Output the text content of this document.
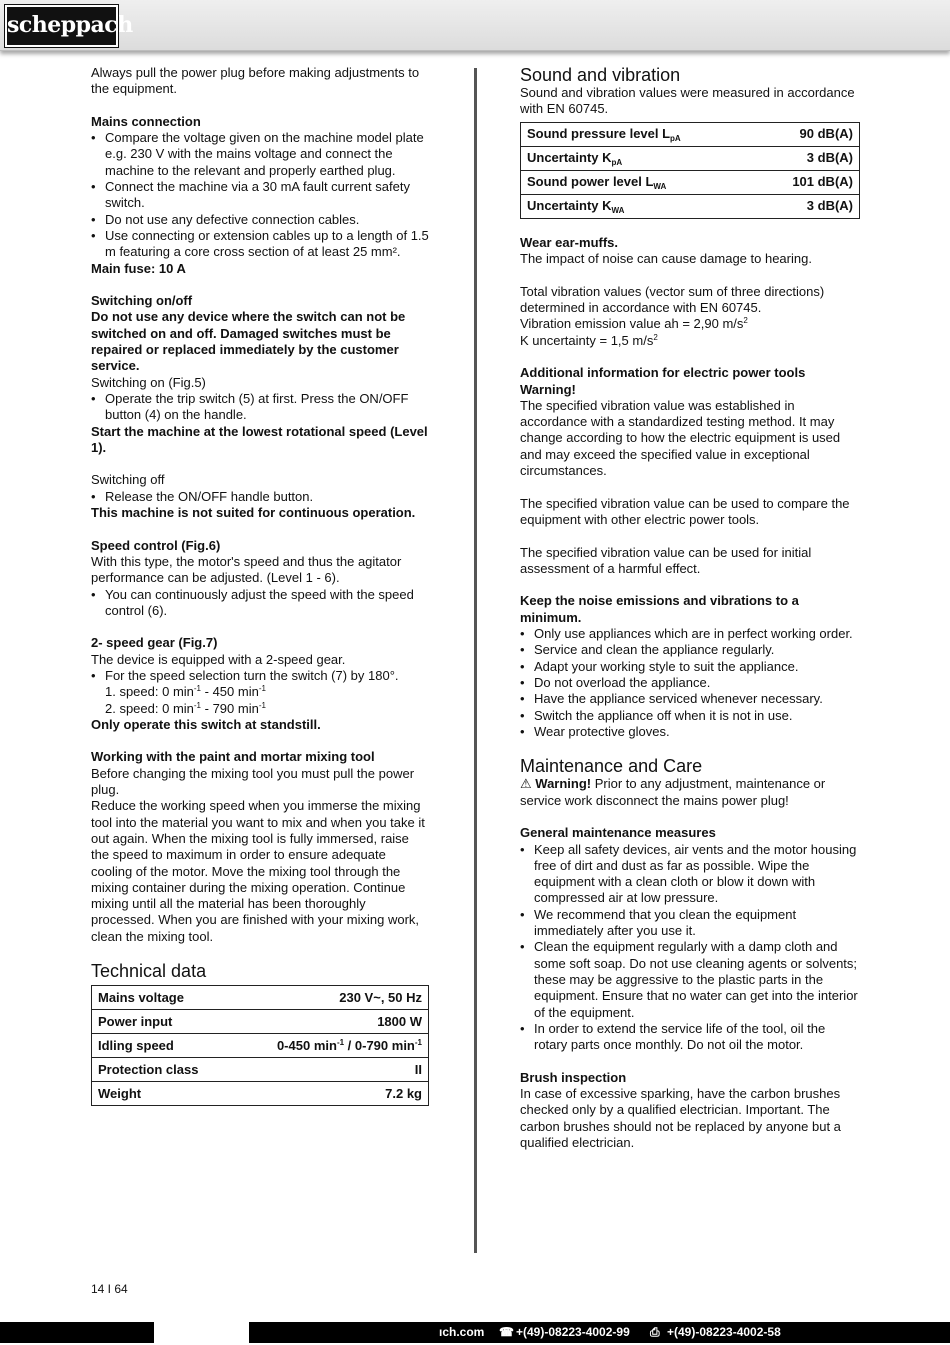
scheppach

Always pull the power plug before making adjustments to the equipment.

Mains connection

• Compare the voltage given on the machine model plate e.g. 230 V with the mains voltage and connect the machine to the relevant and properly earthed plug.
• Connect the machine via a 30 mA fault current safety switch.
• Do not use any defective connection cables.
• Use connecting or extension cables up to a length of 1.5 m featuring a core cross section of at least 25 mm².

Main fuse: 10 A

Switching on/off

Do not use any device where the switch can not be switched on and off. Damaged switches must be repaired or replaced immediately by the customer service.

Switching on (Fig.5)

• Operate the trip switch (5) at first. Press the ON/OFF button (4) on the handle.

Start the machine at the lowest rotational speed (Level 1).

Switching off

• Release the ON/OFF handle button.

This machine is not suited for continuous operation.

Speed control (Fig.6)

With this type, the motor's speed and thus the agitator performance can be adjusted. (Level 1 - 6).

• You can continuously adjust the speed with the speed control (6).

2- speed gear (Fig.7)

The device is equipped with a 2-speed gear.

• For the speed selection turn the switch (7) by 180°.

1. speed: 0 $\min^{-1} - 450$ $\min^{-1}$

2. speed: 0 $\min^{-1} - 790$ $\min^{-1}$

Only operate this switch at standstill.

Working with the paint and mortar mixing tool

Before changing the mixing tool you must pull the power plug.

Reduce the working speed when you immerse the mixing tool into the material you want to mix and when you take it out again. When the mixing tool is fully immersed, raise the speed to maximum in order to ensure adequate cooling of the motor. Move the mixing tool through the mixing container during the mixing operation. Continue mixing until all the material has been thoroughly processed. When you are finished with your mixing work, clean the mixing tool.

Technical data
Mains voltage	230 V~, 50 Hz
Power input	1800 W
Idling speed	0-450 $\min^{-1} / 0-790$ $\min^{-1}$
Protection class	II
Weight	7.2 kg
Sound and vibration

Sound and vibration values were measured in accordance with EN 60745.

Sound pressure level $L_{pA}$	90 dB(A)
Uncertainty $K_{pA}$	3 dB(A)
Sound power level $L_{WA}$	101 dB(A)
Uncertainty $K_{WA}$	3 dB(A)

Wear ear-muffs.

The impact of noise can cause damage to hearing.

Total vibration values (vector sum of three directions) determined in accordance with EN 60745.

Vibration emission value ah = 2,90 $m/s^2$

K uncertainty = 1,5 $m/s^2$

Additional information for electric power tools

Warning!

The specified vibration value was established in accordance with a standardized testing method. It may change according to how the electric equipment is used and may exceed the specified value in exceptional circumstances.

The specified vibration value can be used to compare the equipment with other electric power tools.

The specified vibration value can be used for initial assessment of a harmful effect.

Keep the noise emissions and vibrations to a minimum.

• Only use appliances which are in perfect working order.
• Service and clean the appliance regularly.
• Adapt your working style to suit the appliance.
• Do not overload the appliance.
• Have the appliance serviced whenever necessary.
• Switch the appliance off when it is not in use.
• Wear protective gloves.
Maintenance and Care

⚠ Warning! Prior to any adjustment, maintenance or service work disconnect the mains power plug!

General maintenance measures

• Keep all safety devices, air vents and the motor housing free of dirt and dust as far as possible. Wipe the equipment with a clean cloth or blow it down with compressed air at low pressure.
• We recommend that you clean the equipment immediately after you use it.
• Clean the equipment regularly with a damp cloth and some soft soap. Do not use cleaning agents or solvents; these may be aggressive to the plastic parts in the equipment. Ensure that no water can get into the interior of the equipment.
• In order to extend the service life of the tool, oil the rotary parts once monthly. Do not oil the motor.

Brush inspection

In case of excessive sparking, have the carbon brushes checked only by a qualified electrician. Important. The carbon brushes should not be replaced by anyone but a qualified electrician.

14 I 64
ıch.com ☎ +(49)-08223-4002-99 ⎙ +(49)-08223-4002-58
